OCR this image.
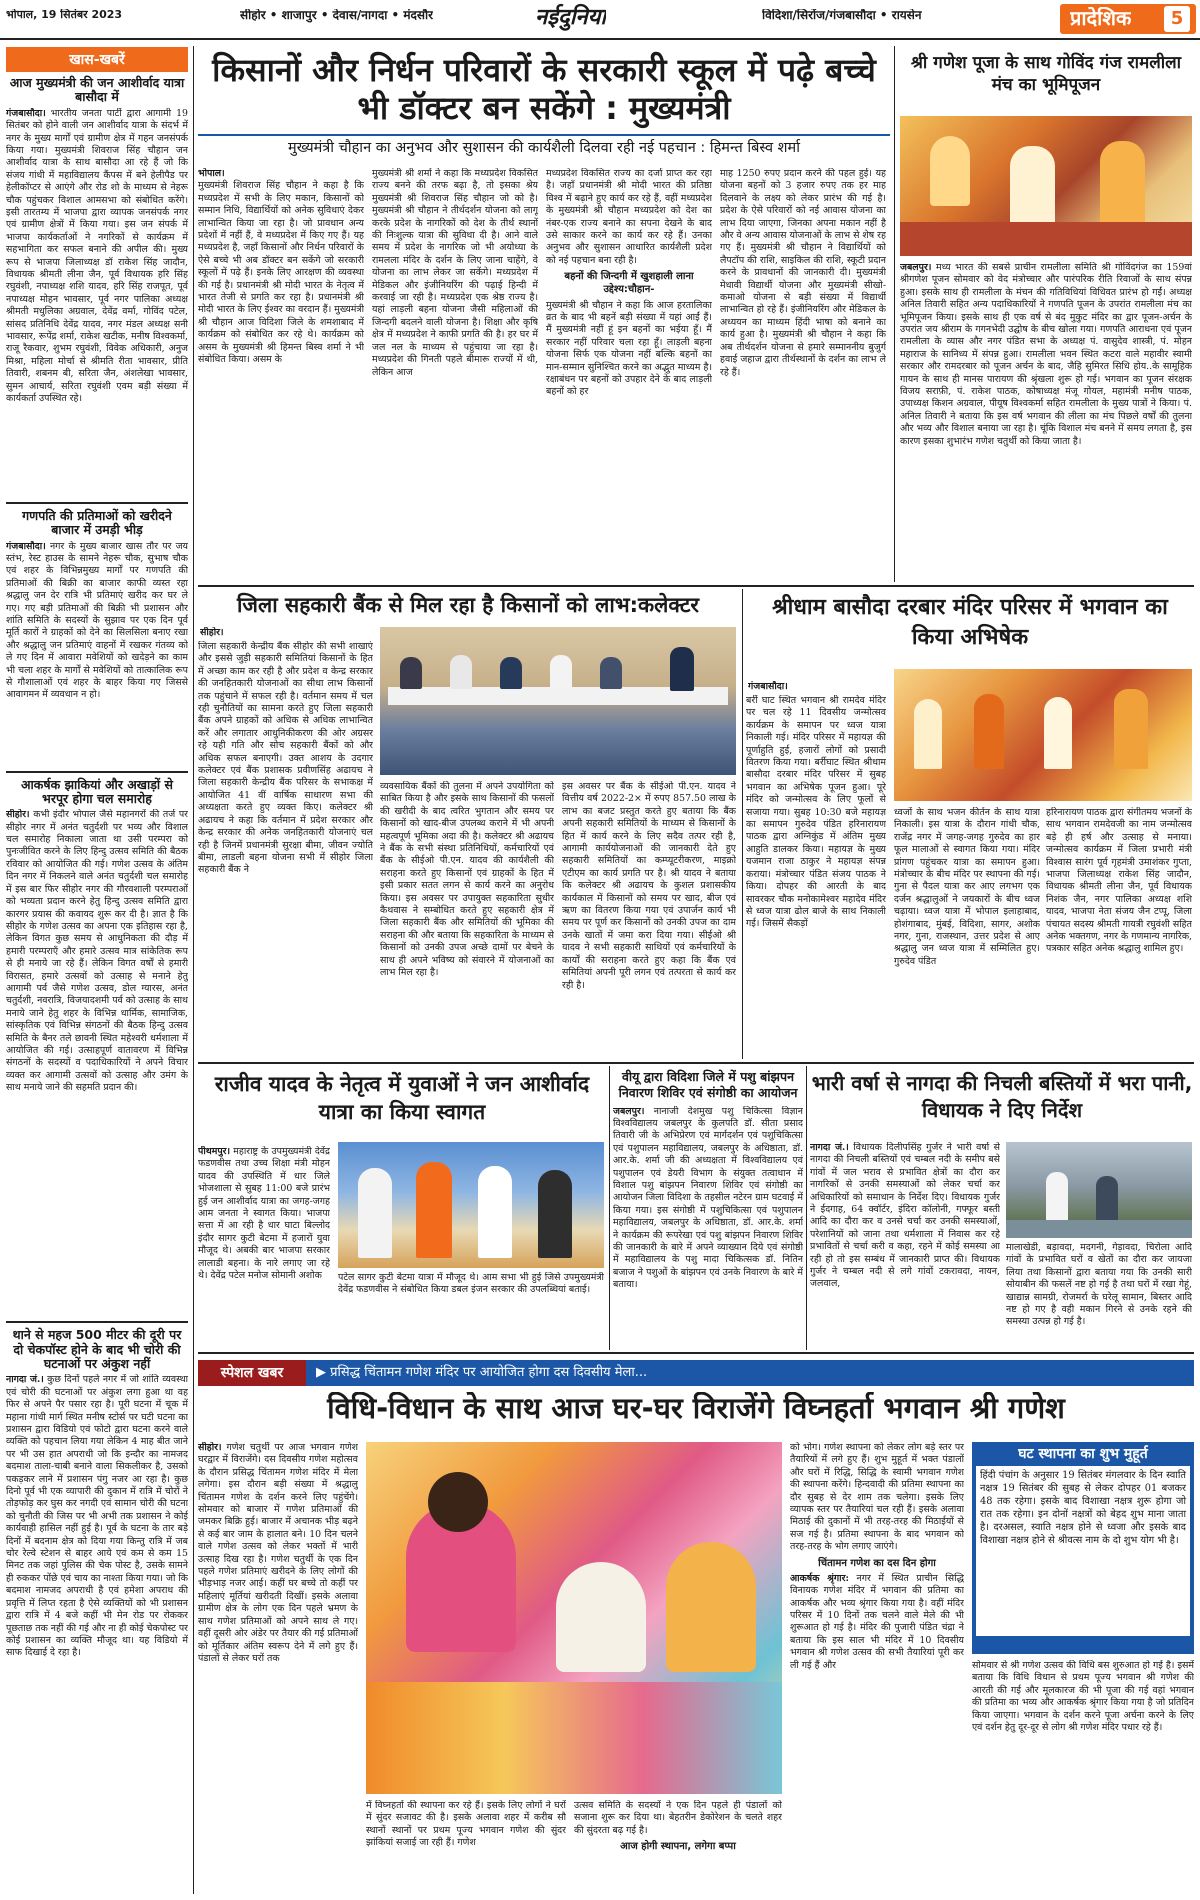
भोपाल, 19 सितंबर 2023	सीहोर • शाजापुर • देवास/नागदा • मंदसौर	नईदुनिया	विदिशा/सिरोंज/गंजबासौदा • रायसेन	प्रादेशिक	5
खास-खबरें
आज मुख्यमंत्री की जन आशीर्वाद यात्रा बासौदा में
गंजबासौदा। भारतीय जनता पार्टी द्वारा आगामी 19 सितंबर को होने वाली जन आशीर्वाद यात्रा के संदर्भ में नगर के मुख्य मार्गों एवं ग्रामीण क्षेत्र में गहन जनसंपर्क किया गया। मुख्यमंत्री शिवराज सिंह चौहान जन आशीर्वाद यात्रा के साथ बासौदा आ रहे हैं जो कि संजय गांधी में महाविद्यालय कैंपस में बने हेलीपैड पर हेलीकॉप्टर से आएंगे और रोड शो के माध्यम से नेहरू चौक पहुंचकर विशाल आमसभा को संबोधित करेंगे। इसी तारतम्य में भाजपा द्वारा व्यापक जनसंपर्क नगर एवं ग्रामीण क्षेत्रों में किया गया। इस जन संपर्क में भाजपा कार्यकर्ताओं ने नगरिकों से कार्यक्रम में सहभागिता कर सफल बनाने की अपील की। मुख्य रूप से भाजपा जिलाध्यक्ष डॉ राकेश सिंह जादौन, विधायक श्रीमती लीना जैन, पूर्व विधायक हरि सिंह रघुवंशी, नपाध्यक्ष शशि यादव, हरि सिंह राजपूत, पूर्व नपाध्यक्ष मोहन भावसार, पूर्व नगर पालिका अध्यक्ष श्रीमती मधुलिका अग्रवाल, देवेंद्र वर्मा, गोविंद पटेल, सांसद प्रतिनिधि देवेंद्र यादव, नगर मंडल अध्यक्ष सनी भावसार, रूपेंद्र शर्मा, राकेश खटीक, मनीष विश्वकर्मा, राजू रैकवार, शुभम रघुवंशी, विवेक अधिकारी, अनुज मिश्रा, महिला मोर्चा से श्रीमति रीता भावसार, प्रीति तिवारी, शबनम बी, सरिता जैन, अंशलेखा भावसार, सुमन आचार्य, सरिता रघुवंशी एवम बड़ी संख्या में कार्यकर्ता उपस्थित रहे।
गणपति की प्रतिमाओं को खरीदने बाजार में उमड़ी भीड़
गंजबासौदा। नगर के मुख्य बाजार खास तौर पर जय स्तंभ, रेस्ट हाउस के सामने नेहरू चौक, सुभाष चौक एवं शहर के विभिन्नमुख्य मार्गों पर गणपति की प्रतिमाओं की बिक्री का बाजार काफी व्यस्त रहा श्रद्धालु जन देर रात्रि भी प्रतिमाएं खरीद कर घर ले गए। गए बड़ी प्रतिमाओं की बिक्री भी प्रशासन और शांति समिति के सदस्यों के सुझाव पर एक दिन पूर्व मूर्ति कारों ने ग्राहकों को देने का सिलसिला बनाए रखा और श्रद्धालु जन प्रतिमाएं वाहनों में रखकर गंतव्य को ले गए दिन में आवारा मवेशियों को खदेड़ने का काम भी चला शहर के मार्गों से मवेशियों को तात्कालिक रूप से गौशालाओं एवं शहर के बाहर किया गए जिससे आवागमन में व्यवधान न हो।
आकर्षक झाकियां और अखाड़ों से भरपूर होगा चल समारोह
सीहोर। कभी इंदौर भोपाल जैसे महानगरों की तर्ज पर सीहोर नगर में अनंत चतुर्दशी पर भव्य और विशाल चल समारोह निकाला जाता था उसी परम्परा को पुनःजीवित करने के लिए हिन्दु उत्सव समिति की बैठक रविवार को आयोजित की गई। गणेश उत्सव के अंतिम दिन नगर में निकलने वाले अनंत चतुर्दशी चल समारोह में इस बार फिर सीहोर नगर की गौरवशाली परम्पराओं को भव्यता प्रदान करने हेतु हिन्दु उत्सव समिति द्वारा कारगर प्रयास की कवायद शुरू कर दी है। ज्ञात है कि सीहोर के गणेश उत्सव का अपना एक इतिहास रहा है, लेकिन विगत कुछ समय से आधुनिकता की दौड़ में हमारी परम्पराएँ और हमारे उत्सव मात्र सांकेतिक रूप से ही मनाये जा रहे हैं। लेकिन विगत वर्षों से हमारी विरासत, हमारे उत्सवों को उत्साह से मनाने हेतु आगामी पर्व जैसे गणेश उत्सव, डोल ग्यारस, अनंत चतुर्दशी, नवरात्रि, विजयादशमी पर्व को उत्साह के साथ मनाये जाने हेतु शहर के विभिन्न धार्मिक, सामाजिक, सांस्कृतिक एवं विभिन्न संगठनों की बैठक हिन्दु उत्सव समिति के बैनर तले छावनी स्थित महेश्वरी धर्मशाला में आयोजित की गई। उत्साहपूर्ण वातावरण में विभिन्न संगठनों के सदस्यों व पदाधिकारियों ने अपने विचार व्यक्त कर आगामी उत्सवों को उत्साह और उमंग के साथ मनाये जाने की सहमति प्रदान की।
थाने से महज 500 मीटर की दूरी पर दो चेकपॉस्ट होने के बाद भी चोरी की घटनाओं पर अंकुश नहीं
नागदा जं.। कुछ दिनों पहले नगर में जो शांति व्यवस्था एवं चोरी की घटनाओं पर अंकुश लगा हुआ था वह फिर से अपने पैर पसार रहा है। पूरी घटना में चूक में महाना गांधी मार्ग स्थित मनीष स्टोर्स पर घटी घटना का प्रशासन द्वारा विडियो एवं फोटो द्वारा घटना करने वाले व्यक्ति को पहचान लिया गया लेकिन 4 माह बीत जाने पर भी उस हात अपराधी जो कि इन्दौर का नामजद बदमाश ताला-चाबी बनाने वाला सिकलीकर है, उसको पकड़कर लाने में प्रशासन पंगु नजर आ रहा है। कुछ दिनो पूर्व भी एक व्यापारी की दुकान में रात्रि में चोरों ने तोड़फोड़ कर घुस कर नगदी एवं सामान चोरी की घटना को चुनौती की जिस पर भी अभी तक प्रशासन ने कोई कार्यवाही हासिल नहीं हुई है। पूर्व के घटना के तार बड़े दिनों में बदनाम क्षेत्र को दिया गया किन्तु रात्रि में जब चोर रेल्वे स्टेशन से बाहर आये एवं कम से कम 15 मिनट तक जहां पुलिस की चेक पोस्ट है, उसके सामने ही रुककर पोंछे एवं चाय का नाश्ता किया गया। जो कि बदमाश नामजद अपराधी है एवं हमेशा अपराध की प्रवृत्ति में लिप्त रहता है ऐसे व्यक्तियों को भी प्रशासन द्वारा रात्रि में 4 बजे कहीं भी मेन रोड पर रोककर पूछताछ तक नहीं की गई और ना ही कोई चेकपोस्ट पर कोई प्रशासन का व्यक्ति मौजूद था। यह विडियो में साफ दिखाई दे रहा है।
किसानों और निर्धन परिवारों के सरकारी स्कूल में पढ़े बच्चे भी डॉक्टर बन सकेंगे : मुख्यमंत्री
मुख्यमंत्री चौहान का अनुभव और सुशासन की कार्यशैली दिलवा रही नई पहचान : हिमन्त बिस्व शर्मा
भोपाल।
मुख्यमंत्री शिवराज सिंह चौहान ने कहा है कि मध्यप्रदेश में सभी के लिए मकान, किसानों को सम्मान निधि, विद्यार्थियों को अनेक सुविधाएं देकर लाभान्वित किया जा रहा है। जो प्रावधान अन्य प्रदेशों में नहीं हैं, वे मध्यप्रदेश में किए गए हैं। यह मध्यप्रदेश है, जहाँ किसानों और निर्धन परिवारों के ऐसे बच्चे भी अब डॉक्टर बन सकेंगे जो सरकारी स्कूलों में पढ़े हैं। इनके लिए आरक्षण की व्यवस्था की गई है। प्रधानमंत्री श्री मोदी भारत के नेतृत्व में भारत तेजी से प्रगति कर रहा है। प्रधानमंत्री श्री मोदी भारत के लिए ईश्वर का वरदान हैं। मुख्यमंत्री श्री चौहान आज विदिशा जिले के शमशाबाद में कार्यक्रम को संबोधित कर रहे थे। कार्यक्रम को असम के मुख्यमंत्री श्री हिमन्त बिस्व शर्मा ने भी संबोधित किया। असम के
मुख्यमंत्री श्री शर्मा ने कहा कि मध्यप्रदेश विकसित राज्य बनने की तरफ बढ़ा है, तो इसका श्रेय मुख्यमंत्री श्री शिवराज सिंह चौहान जो को है। मुख्यमंत्री श्री चौहान ने तीर्थदर्शन योजना को लागू करके प्रदेश के नागरिकों को देश के तीर्थ स्थानों की निःशुल्क यात्रा की सुविधा दी है। आने वाले समय में प्रदेश के नागरिक जो भी अयोध्या के रामलला मंदिर के दर्शन के लिए जाना चाहेंगे, वे योजना का लाभ लेकर जा सकेंगे। मध्यप्रदेश में मेडिकल और इंजीनियरिंग की पढ़ाई हिन्दी में करवाई जा रही है। मध्यप्रदेश एक श्रेष्ठ राज्य है। यहां लाड़ली बहना योजना जैसी महिलाओं की जिन्दगी बदलने वाली योजना है। शिक्षा और कृषि क्षेत्र में मध्यप्रदेश ने काफी प्रगति की है। हर घर में जल नल के माध्यम से पहुंचाया जा रहा है। मध्यप्रदेश की गिनती पहले बीमारू राज्यों में थी, लेकिन आज
मध्यप्रदेश विकसित राज्य का दर्जा प्राप्त कर रहा है। जहाँ प्रधानमंत्री श्री मोदी भारत की प्रतिष्ठा विश्व में बढ़ाने हुए कार्य कर रहे हैं, वहीं मध्यप्रदेश के मुख्यमंत्री श्री चौहान मध्यप्रदेश को देश का नंबर-एक राज्य बनाने का सपना देखने के बाद उसे साकार करने का कार्य कर रहे हैं। उनका अनुभव और सुशासन आधारित कार्यशैली प्रदेश को नई पहचान बना रही है।
बहनों की जिन्दगी में खुशहाली लाना उद्देश्य:चौहान-
मुख्यमंत्री श्री चौहान ने कहा कि आज हरतालिका व्रत के बाद भी बहनें बड़ी संख्या में यहां आईं हैं। मैं मुख्यमंत्री नहीं हूं इन बहनों का भईया हूँ। मैं सरकार नहीं परिवार चला रहा हूँ। लाड़ली बहना योजना सिर्फ एक योजना नहीं बल्कि बहनों का मान-सम्मान सुनिश्चित करने का अद्भुत माध्यम है। रक्षाबंधन पर बहनों को उपहार देने के बाद लाड़ली बहनों को हर
माह 1250 रुपए प्रदान करने की पहल हुई। यह योजना बहनों को 3 हजार रुपए तक हर माह दिलवाने के लक्ष्य को लेकर प्रारंभ की गई है। प्रदेश के ऐसे परिवारों को नई आवास योजना का लाभ दिया जाएगा, जिनका अपना मकान नहीं है और वे अन्य आवास योजनाओं के लाभ से शेष रह गए हैं। मुख्यमंत्री श्री चौहान ने विद्यार्थियों को लैपटॉप की राशि, साइकिल की राशि, स्कूटी प्रदान करने के प्रावधानों की जानकारी दी। मुख्यमंत्री मेधावी विद्यार्थी योजना और मुख्यमंत्री सीखो-कमाओ योजना से बड़ी संख्या में विद्यार्थी लाभान्वित हो रहे हैं। इंजीनियरिंग और मेडिकल के अध्ययन का माध्यम हिंदी भाषा को बनाने का कार्य हुआ है। मुख्यमंत्री श्री चौहान ने कहा कि अब तीर्थदर्शन योजना से हमारे सम्माननीय बुजुर्ग हवाई जहाज द्वारा तीर्थस्थानों के दर्शन का लाभ ले रहे हैं।
श्री गणेश पूजा के साथ गोविंद गंज रामलीला मंच का भूमिपूजन
जबलपुर। मध्य भारत की सबसे प्राचीन रामलीला समिति श्री गोविंदगंज का 159वां श्रीगणेश पूजन सोमवार को वेद मंत्रोच्चार और पारंपरिक रीति रिवाजों के साथ संपन्न हुआ। इसके साथ ही रामलीला के मंचन की गतिविधियां विधिवत प्रारंभ हो गईं। अध्यक्ष अनिल तिवारी सहित अन्य पदाधिकारियों ने गणपति पूजन के उपरांत रामलीला मंच का भूमिपूजन किया। इसके साथ ही एक वर्ष से बंद मुकुट मंदिर का द्वार पूजन-अर्चन के उपरांत जय श्रीराम के गगनभेदी उद्घोष के बीच खोला गया। गणपति आराधना एवं पूजन रामलीला के व्यास और नगर पंडित सभा के अध्यक्ष पं. वासुदेव शास्त्री, पं. मोहन महाराज के सानिध्य में संपन्न हुआ। रामलीला भवन स्थित कटरा वाले महावीर स्वामी सरकार और रामदरबार को पूजन अर्चन के बाद, जैहि सुमिरत सिधि होय..के सामूहिक गायन के साथ ही मानस पारायण की श्रृंखला शुरू हो गई। भगवान का पूजन संरक्षक विजय सराफ़ी, पं. राकेश पाठक, कोषाध्यक्ष मंजू गोयल, महामंत्री मनीष पाठक, उपाध्यक्ष किशन अग्रवाल, पीयूष विश्वकर्मा सहित रामलीला के मुख्य पात्रों ने किया। पं. अनिल तिवारी ने बताया कि इस वर्ष भगवान की लीला का मंच पिछले वर्षों की तुलना और भव्य और विशाल बनाया जा रहा है। चूंकि विशाल मंच बनने में समय लगता है, इस कारण इसका शुभारंभ गणेश चतुर्थी को किया जाता है।
जिला सहकारी बैंक से मिल रहा है किसानों को लाभ:कलेक्टर
सीहोर।
जिला सहकारी केन्द्रीय बैंक सीहोर की सभी शाखाएं और इससे जुड़ी सहकारी समितियां किसानों के हित में अच्छा काम कर रही है और प्रदेश व केन्द्र सरकार की जनहितकारी योजनाओं का सीधा लाभ किसानों तक पहुंचाने में सफल रही है। वर्तमान समय में चल रही चुनौतियों का सामना करते हुए जिला सहकारी बैंक अपने ग्राहकों को अधिक से अधिक लाभान्वित करें और लगातार आधुनिकीकरण की ओर अग्रसर रहे यही गति और सोच सहकारी बैंकों को और अधिक सफल बनाएगी। उक्त आशय के उदगार कलेक्टर एवं बैंक प्रशासक प्रवीणसिंह अढायच ने जिला सहकारी केन्द्रीय बैंक परिसर के सभाकक्ष में आयोजित 41 वीं वार्षिक साधारण सभा की अध्यक्षता करते हुए व्यक्त किए। कलेक्टर श्री अढायच ने कहा कि वर्तमान में प्रदेश सरकार और केन्द्र सरकार की अनेक जनहितकारी योजनाएं चल रही है जिनमें प्रधानमंत्री सुरक्षा बीमा, जीवन ज्योति बीमा, लाडली बहना योजना सभी में सीहोर जिला सहकारी बैंक ने
व्यवसायिक बैंकों की तुलना में अपने उपयोगिता को साबित किया है और इसके साथ किसानों की फसलों की खरीदी के बाद त्वरित भुगतान और समय पर किसानों को खाद-बीज उपलब्ध कराने में भी अपनी महत्वपूर्ण भूमिका अदा की है। कलेक्टर श्री अढायच ने बैंक के सभी संस्था प्रतिनिधियों, कर्मचारियों एवं बैंक के सीईओ पी.एन. यादव की कार्यशैली की सराहना करते हुए किसानों एवं ग्राहकों के हित में इसी प्रकार सतत लगन से कार्य करने का अनुरोध किया। इस अवसर पर उपायुक्त सहकारिता सुधीर कैथवास ने सम्बोधित करते हुए सहकारी क्षेत्र में जिला सहकारी बैंक और समितियों की भूमिका की सराहना की और बताया कि सहकारिता के माध्यम से किसानों को उनकी उपज अच्छे दामों पर बेचने के साथ ही अपने भविष्य को संवारने में योजनाओं का लाभ मिल रहा है।
इस अवसर पर बैंक के सीईओ पी.एन. यादव ने वित्तीय वर्ष 2022-2× में रुपए 857.50 लाख के लाभ का बजट प्रस्तुत करते हुए बताया कि बैंक अपनी सहकारी समितियों के माध्यम से किसानों के हित में कार्य करने के लिए सदैव तत्पर रही है, आगामी कार्ययोजनाओं की जानकारी देते हुए सहकारी समितियों का कम्प्यूटरीकरण, माइक्रो एटीएम का कार्य प्रगति पर है। श्री यादव ने बताया कि कलेक्टर श्री अढायच के कुशल प्रशासकीय कार्यकाल में किसानों को समय पर खाद, बीज एवं ऋण का वितरण किया गया एवं उपार्जन कार्य भी समय पर पूर्ण कर किसानों को उनकी उपज का दाम उनके खातों में जमा करा दिया गया। सीईओ श्री यादव ने सभी सहकारी साथियों एवं कर्मचारियों के कार्यों की सराहना करते हुए कहा कि बैंक एवं समितियां अपनी पूरी लगन एवं तत्परता से कार्य कर रही है।
श्रीधाम बासौदा दरबार मंदिर परिसर में भगवान का किया अभिषेक
गंजबासौदा।
बर्री घाट स्थित भगवान श्री रामदेव मंदिर पर चल रहे 11 दिवसीय जन्मोत्सव कार्यक्रम के समापन पर ध्वज यात्रा निकाली गई। मंदिर परिसर में महायज्ञ की पूर्णाहुति हुई, हजारों लोगों को प्रसादी वितरण किया गया। बर्रीघाट स्थित श्रीधाम बासौदा दरबार मंदिर परिसर में सुबह भगवान का अभिषेक पूजन हुआ। पूरे मंदिर को जन्मोत्सव के लिए फूलों से सजाया गया। सुबह 10:30 बजे महायज्ञ का समापन गुरुदेव पंडित हरिनारायण पाठक द्वारा अग्निकुंड में अंतिम मुख्य आहुति डालकर किया। महायज्ञ के मुख्य यजमान राजा ठाकुर ने महायज्ञ संपन्न कराया। मंत्रोच्चार पंडित संजय पाठक ने किया। दोपहर की आरती के बाद सावरकर चौक मनोकामेश्वर महादेव मंदिर से ध्वज यात्रा ढोल बाजे के साथ निकाली गई। जिसमें सैकड़ों
ध्वजों के साथ भजन कीर्तन के साथ यात्रा निकाली। इस यात्रा के दौरान गांधी चौक, राजेंद्र नगर में जगह-जगह गुरुदेव का हार फूल मालाओं से स्वागत किया गया। मंदिर प्रांगण पहुंचकर यात्रा का समापन हुआ। मंत्रोच्चार के बीच मंदिर पर स्थापना की गई। गुना से पैदल यात्रा कर आए लगभग एक दर्जन श्रद्धालुओं ने जयकारों के बीच ध्वज चढ़ाया। ध्वज यात्रा में भोपाल इलाहाबाद, होशंगाबाद, मुंबई, विदिशा, सागर, अशोक नगर, गुना, राजस्थान, उत्तर प्रदेश से आए श्रद्धालु जन ध्वज यात्रा में सम्मिलित हुए। गुरुदेव पंडित
हरिनारायण पाठक द्वारा संगीतमय भजनों के साथ भगवान रामदेवजी का नाम जन्मोत्सव बड़े ही हर्ष और उत्साह से मनाया। जन्मोत्सव कार्यक्रम में जिला प्रभारी मंत्री विश्वास सारंग पूर्व गृहमंत्री उमाशंकर गुप्ता, भाजपा जिलाध्यक्ष राकेश सिंह जादौन, विधायक श्रीमती लीना जैन, पूर्व विधायक निशंक जैन, नगर पालिका अध्यक्ष शशि यादव, भाजपा नेता संजय जैन टप्पू, जिला पंचायत सदस्य श्रीमती गायत्री रघुवंशी सहित अनेक भक्तगण, नगर के गणमान्य नागरिक, पत्रकार सहित अनेक श्रद्धालु शामिल हुए।
राजीव यादव के नेतृत्व में युवाओं ने जन आशीर्वाद यात्रा का किया स्वागत
पीथमपुर। महाराष्ट्र के उपमुख्यमंत्री देवेंद्र फडणवीस तथा उच्च शिक्षा मंत्री मोहन यादव की उपस्थिति में धार जिले भोजशाला से सुबह 11:00 बजे प्रारंभ हुई जन आशीर्वाद यात्रा का जगह-जगह आम जनता ने स्वागत किया। भाजपा सत्ता में आ रही है धार घाटा बिल्लोद इंदौर सागर कुटी बेटमा में हजारों युवा मौजूद थे। अबकी बार भाजपा सरकार लालाडी बहना। के नारे लगाए जा रहे थे। देवेंद्र पटेल मनोज सोमानी अशोक	पटेल सागर कुटी बेटमा यात्रा में मौजूद थे। आम सभा भी हुई जिसे उपमुख्यमंत्री देवेंद्र फडणवीस ने संबोधित किया डबल इंजन सरकार की उपलब्धियां बताई।
वीयू द्वारा विदिशा जिले में पशु बांझपन निवारण शिविर एवं संगोष्ठी का आयोजन
जबलपुर। नानाजी देशमुख पशु चिकित्सा विज्ञान विश्वविद्यालय जबलपुर के कुलपति डॉ. सीता प्रसाद तिवारी जी के अभिप्रेरण एवं मार्गदर्शन एवं पशुचिकित्सा एवं पशुपालन महाविद्यालय, जबलपुर के अधिष्ठाता, डॉ. आर.के. शर्मा जी की अध्यक्षता में विश्वविद्यालय एवं पशुपालन एवं डेयरी विभाग के संयुक्त तत्वाधान में विशाल पशु बांझपन निवारण शिविर एवं संगोष्ठी का आयोजन जिला विदिशा के तहसील नटेरन ग्राम घटवाई में किया गया। इस संगोष्ठी में पशुचिकित्सा एवं पशुपालन महाविद्यालय, जबलपुर के अधिष्ठाता, डॉ. आर.के. शर्मा ने कार्यक्रम की रूपरेखा एवं पशु बांझपन निवारण शिविर की जानकारी के बारे में अपने व्याख्यान दिये एवं संगोष्ठी में महाविद्यालय के पशु मादा चिकित्सक डॉ. नितिन बजाज ने पशुओं के बांझपन एवं उनके निवारण के बारे में बताया।
भारी वर्षा से नागदा की निचली बस्तियों में भरा पानी, विधायक ने दिए निर्देश
नागदा जं.। विधायक दिलीपसिंह गुर्जर ने भारी वर्षा से नागदा की निचली बस्तियों एवं चम्बल नदी के समीप बसे गांवों में जल भराव से प्रभावित क्षेत्रों का दौरा कर नागरिकों से उनकी समस्याओं को लेकर चर्चा कर अधिकारियों को समाधान के निर्देश दिए। विधायक गुर्जर ने ईदगाह, 64 क्वॉर्टर, इंदिरा कॉलोनी, गफ्फूर बस्ती आदि का दौरा कर व उनसे चर्चा कर उनकी समस्याओं, परेशानियों को जाना तथा धर्मशाला में निवास कर रहे प्रभावितों से चर्चा करी व कहा, रहने में कोई समस्या आ रही हो तो इस सम्बंध में जानकारी प्राप्त की। विधायक गुर्जर ने चम्बल नदी से लगे गांवों टकरावदा, नायन, जलवाल,
मालाखेडी, बड़ावदा, मदगनी, गेड़ावदा, चिरोला आदि गांवों के प्रभावित घरों व खेतों का दौरा कर जायजा लिया तथा किसानों द्वारा बताया गया कि उनकी सारी सोयाबीन की फसलें नष्ट हो गई है तथा घरों में रखा गेहूं, खाद्यान्न सामग्री, रोजमर्रा के घरेलू सामान, बिस्तर आदि नष्ट हो गए है वही मकान गिरने से उनके रहने की समस्या उत्पन्न हो गई है।
स्पेशल खबर	▶ प्रसिद्ध चिंतामन गणेश मंदिर पर आयोजित होगा दस दिवसीय मेला...
विधि-विधान के साथ आज घर-घर विराजेंगे विघ्नहर्ता भगवान श्री गणेश
सीहोर। गणेश चतुर्थी पर आज भगवान गणेश घरद्वार में विराजेंगे। दस दिवसीय गणेश महोत्सव के दौरान प्रसिद्ध चिंतामन गणेश मंदिर में मेला लगेगा। इस दौरान बड़ी संख्या में श्रद्धालु चिंतामन गणेश के दर्शन करने लिए पहुंचेंगे। सोमवार को बाजार में गणेश प्रतिमाओं की जमकर बिक्रि हुई। बाजार में अचानक भीड़ बढ़ने से कई बार जाम के हालात बने। 10 दिन चलने वाले गणेश उत्सव को लेकर भक्तों में भारी उत्साह दिख रहा है। गणेश चतुर्थी के एक दिन पहले गणेश प्रतिमाएं खरीदने के लिए लोगों की भीड़भाड़ नजर आई। कहीं घर बच्चे तो कहीं पर महिलाएं मूर्तियां खरीदती दिखीं। इसके अलावा ग्रामीण क्षेत्र के लोग एक दिन पहले भ्रमण के साथ गणेश प्रतिमाओं को अपने साथ ले गए। वहीं दूसरी ओर अंडेर पर तैयार की गई प्रतिमाओं को मूर्तिकार अंतिम स्वरूप देने में लगे हुए हैं। पंडालों से लेकर घरों तक
में विघ्नहर्ता की स्थापना कर रहे हैं। इसके लिए लोगों ने घरों में सुंदर सजावट की है। इसके अलावा शहर में करीब सौ स्थानों स्थानों पर प्रथम पूज्य भगवान गणेश की सुंदर झांकियां सजाई जा रही हैं। गणेश
उत्सव समिति के सदस्यों ने एक दिन पहले ही पंडालों को सजाना शुरू कर दिया था। बेहतरीन डेकोरेशन के चलते शहर की सुंदरता बढ़ गई है।
आज होगी स्थापना, लगेगा बप्पा
को भोग। गणेश स्थापना को लेकर लोग बड़े स्तर पर तैयारियों में लगे हुए हैं। शुभ मुहूर्त में भक्त पंडालों और घरों में रिद्धि, सिद्धि के स्वामी भगवान गणेश की स्थापना करेंगे। हिन्दवादी की प्रतिमा स्थापना का दौर सुबह से देर शाम तक चलेगा। इसके लिए व्यापक स्तर पर तैयारियां चल रही हैं। इसके अलावा मिठाई की दुकानों में भी तरह-तरह की मिठाईयों से सज गई है। प्रतिमा स्थापना के बाद भगवान को तरह-तरह के भोग लगाए जाएंगे।
चिंतामन गणेश का दस दिन होगा
आकर्षक श्रृंगार: नगर में स्थित प्राचीन सिद्धि विनायक गणेश मंदिर में भगवान की प्रतिमा का आकर्षक और भव्य श्रृंगार किया गया है। वहीं मंदिर परिसर में 10 दिनों तक चलने वाले मेले की भी शुरूआत हो गई है। मंदिर की पुजारी पंडित चंद्रा ने बताया कि इस साल भी मंदिर में 10 दिवसीय भगवान श्री गणेश उत्सव की सभी तैयारियां पूरी कर ली गई हैं और
घट स्थापना का शुभ मुहूर्त
हिंदी पंचांग के अनुसार 19 सितंबर मंगलवार के दिन स्वाति नक्षत्र 19 सितंबर की सुबह से लेकर दोपहर 01 बजकर 48 तक रहेगा। इसके बाद विशाखा नक्षत्र शुरू होगा जो रात तक रहेगा। इन दोनों नक्षत्रों को बेहद शुभ माना जाता है। दरअसल, स्वाति नक्षत्र होने से ध्वजा और इसके बाद विशाखा नक्षत्र होने से श्रीवत्स नाम के दो शुभ योग भी है।
सोमवार से श्री गणेश उत्सव की विधि बस शुरुआत हो गई है। इसमें बताया कि विधि विधान से प्रथम पूज्य भगवान श्री गणेश की आरती की गई और मूलकारज की भी पूजा की गई वहां भगवान की प्रतिमा का भव्य और आकर्षक श्रृंगार किया गया है जो प्रतिदिन किया जाएगा। भगवान के दर्शन करने पूजा अर्चना करने के लिए एवं दर्शन हेतु दूर-दूर से लोग श्री गणेश मंदिर पधार रहे हैं।
